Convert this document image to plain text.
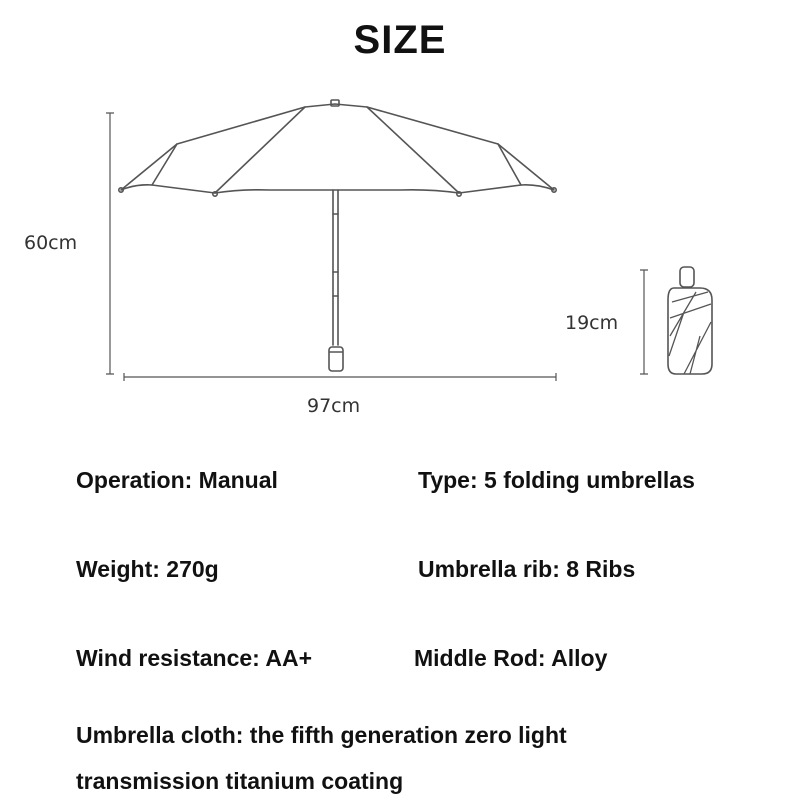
SIZE
60cm
97cm
19cm
Operation: Manual	Type: 5 folding umbrellas
Weight: 270g	Umbrella rib: 8 Ribs
Wind resistance: AA+	Middle Rod: Alloy
Umbrella cloth: the fifth generation zero light
transmission titanium coating
